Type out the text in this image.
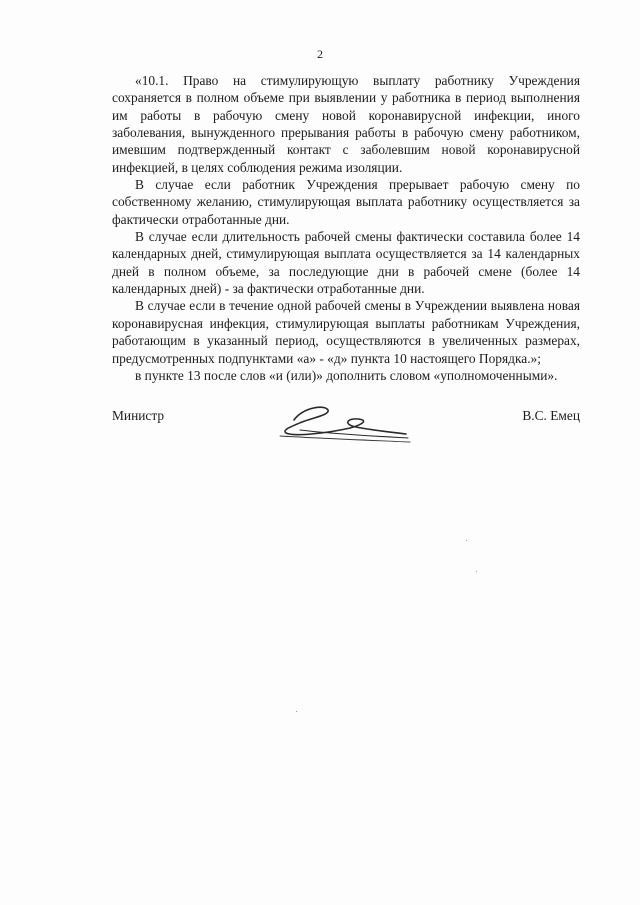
2

«10.1. Право на стимулирующую выплату работнику Учреждения сохраняется в полном объеме при выявлении у работника в период выполнения им работы в рабочую смену новой коронавирусной инфекции, иного заболевания, вынужденного прерывания работы в рабочую смену работником, имевшим подтвержденный контакт с заболевшим новой коронавирусной инфекцией, в целях соблюдения режима изоляции.

В случае если работник Учреждения прерывает рабочую смену по собственному желанию, стимулирующая выплата работнику осуществляется за фактически отработанные дни.

В случае если длительность рабочей смены фактически составила более 14 календарных дней, стимулирующая выплата осуществляется за 14 календарных дней в полном объеме, за последующие дни в рабочей смене (более 14 календарных дней) - за фактически отработанные дни.

В случае если в течение одной рабочей смены в Учреждении выявлена новая коронавирусная инфекция, стимулирующая выплаты работникам Учреждения, работающим в указанный период, осуществляются в увеличенных размерах, предусмотренных подпунктами «а» - «д» пункта 10 настоящего Порядка.»;

в пункте 13 после слов «и (или)» дополнить словом «уполномоченными».

Министр	В.С. Емец
